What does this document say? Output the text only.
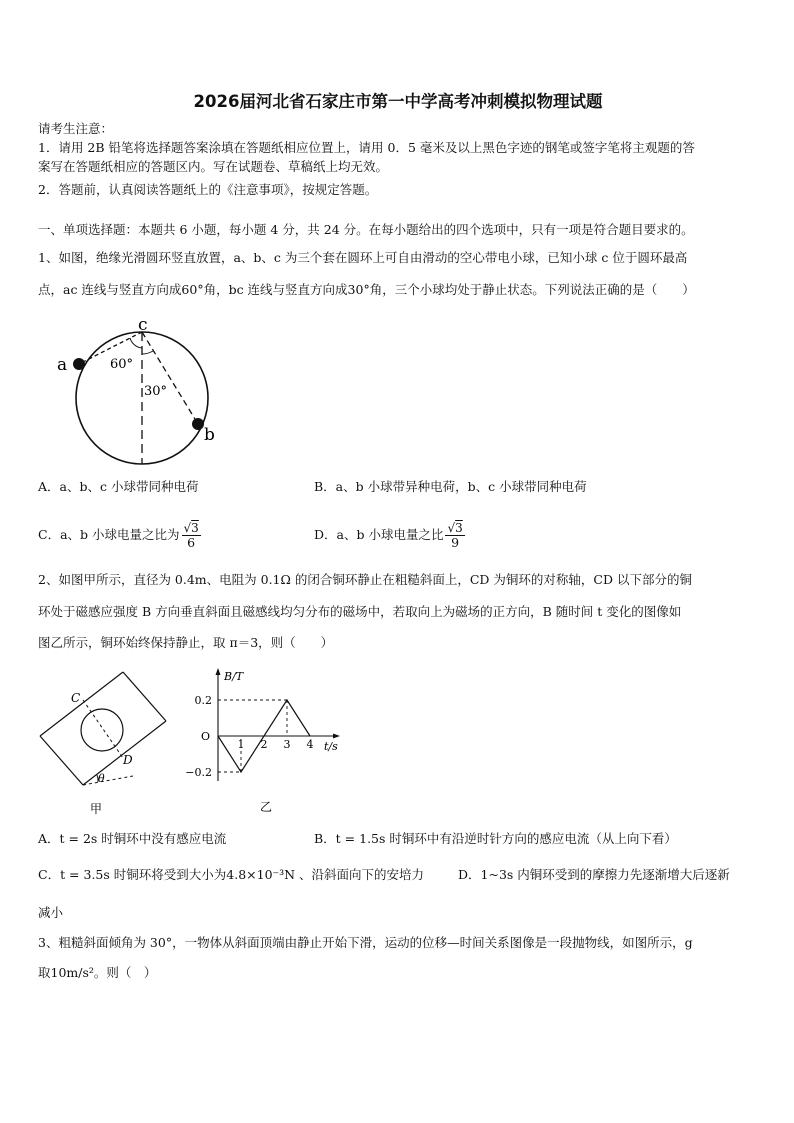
2026届河北省石家庄市第一中学高考冲刺模拟物理试题
请考生注意：
1．请用 2B 铅笔将选择题答案涂填在答题纸相应位置上，请用 0．5 毫米及以上黑色字迹的钢笔或签字笔将主观题的答
案写在答题纸相应的答题区内。写在试题卷、草稿纸上均无效。
2．答题前，认真阅读答题纸上的《注意事项》，按规定答题。
一、单项选择题：本题共 6 小题，每小题 4 分，共 24 分。在每小题给出的四个选项中，只有一项是符合题目要求的。
1、如图，绝缘光滑圆环竖直放置，a、b、c 为三个套在圆环上可自由滑动的空心带电小球，已知小球 c 位于圆环最高
点，ac 连线与竖直方向成60°角，bc 连线与竖直方向成30°角，三个小球均处于静止状态。下列说法正确的是（　　）
c
a
b
60°
30°
A．a、b、c 小球带同种电荷	B．a、b 小球带异种电荷，b、c 小球带同种电荷
C．a、b 小球电量之比为 $\frac{√3}{6}$	D．a、b 小球电量之比 $\frac{√3}{9}$
2、如图甲所示，直径为 0.4m、电阻为 0.1Ω 的闭合铜环静止在粗糙斜面上，CD 为铜环的对称轴，CD 以下部分的铜
环处于磁感应强度 B 方向垂直斜面且磁感线均匀分布的磁场中，若取向上为磁场的正方向，B 随时间 t 变化的图像如
图乙所示，铜环始终保持静止，取 π＝3，则（　　）
C
D
θ
甲
0.2
O
−0.2
1 2 3 4
B/T
t/s
乙
A．t = 2s 时铜环中没有感应电流	B．t = 1.5s 时铜环中有沿逆时针方向的感应电流（从上向下看）
C．t = 3.5s 时铜环将受到大小为4.8×10⁻³N 、沿斜面向下的安培力	D．1~3s 内铜环受到的摩擦力先逐渐增大后逐新
减小
3、粗糙斜面倾角为 30°，一物体从斜面顶端由静止开始下滑，运动的位移—时间关系图像是一段抛物线，如图所示，g
取10m/s²。则（　）
